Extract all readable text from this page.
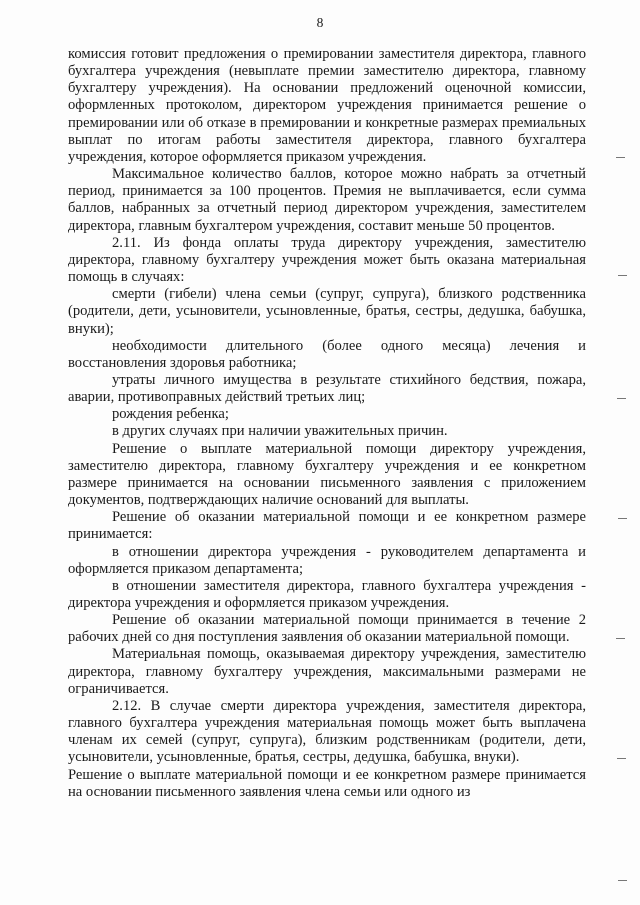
8

комиссия готовит предложения о премировании заместителя директора, главного бухгалтера учреждения (невыплате премии заместителю директора, главному бухгалтеру учреждения). На основании предложений оценочной комиссии, оформленных протоколом, директором учреждения принимается решение о премировании или об отказе в премировании и конкретные размерах премиальных выплат по итогам работы заместителя директора, главного бухгалтера учреждения, которое оформляется приказом учреждения.

Максимальное количество баллов, которое можно набрать за отчетный период, принимается за 100 процентов. Премия не выплачивается, если сумма баллов, набранных за отчетный период директором учреждения, заместителем директора, главным бухгалтером учреждения, составит меньше 50 процентов.

2.11. Из фонда оплаты труда директору учреждения, заместителю директора, главному бухгалтеру учреждения может быть оказана материальная помощь в случаях:

смерти (гибели) члена семьи (супруг, супруга), близкого родственника (родители, дети, усыновители, усыновленные, братья, сестры, дедушка, бабушка, внуки);

необходимости длительного (более одного месяца) лечения и восстановления здоровья работника;

утраты личного имущества в результате стихийного бедствия, пожара, аварии, противоправных действий третьих лиц;

рождения ребенка;

в других случаях при наличии уважительных причин.

Решение о выплате материальной помощи директору учреждения, заместителю директора, главному бухгалтеру учреждения и ее конкретном размере принимается на основании письменного заявления с приложением документов, подтверждающих наличие оснований для выплаты.

Решение об оказании материальной помощи и ее конкретном размере принимается:

в отношении директора учреждения - руководителем департамента и оформляется приказом департамента;

в отношении заместителя директора, главного бухгалтера учреждения - директора учреждения и оформляется приказом учреждения.

Решение об оказании материальной помощи принимается в течение 2 рабочих дней со дня поступления заявления об оказании материальной помощи.

Материальная помощь, оказываемая директору учреждения, заместителю директора, главному бухгалтеру учреждения, максимальными размерами не ограничивается.

2.12. В случае смерти директора учреждения, заместителя директора, главного бухгалтера учреждения материальная помощь может быть выплачена членам их семей (супруг, супруга), близким родственникам (родители, дети, усыновители, усыновленные, братья, сестры, дедушка, бабушка, внуки).

Решение о выплате материальной помощи и ее конкретном размере принимается на основании письменного заявления члена семьи или одного из
